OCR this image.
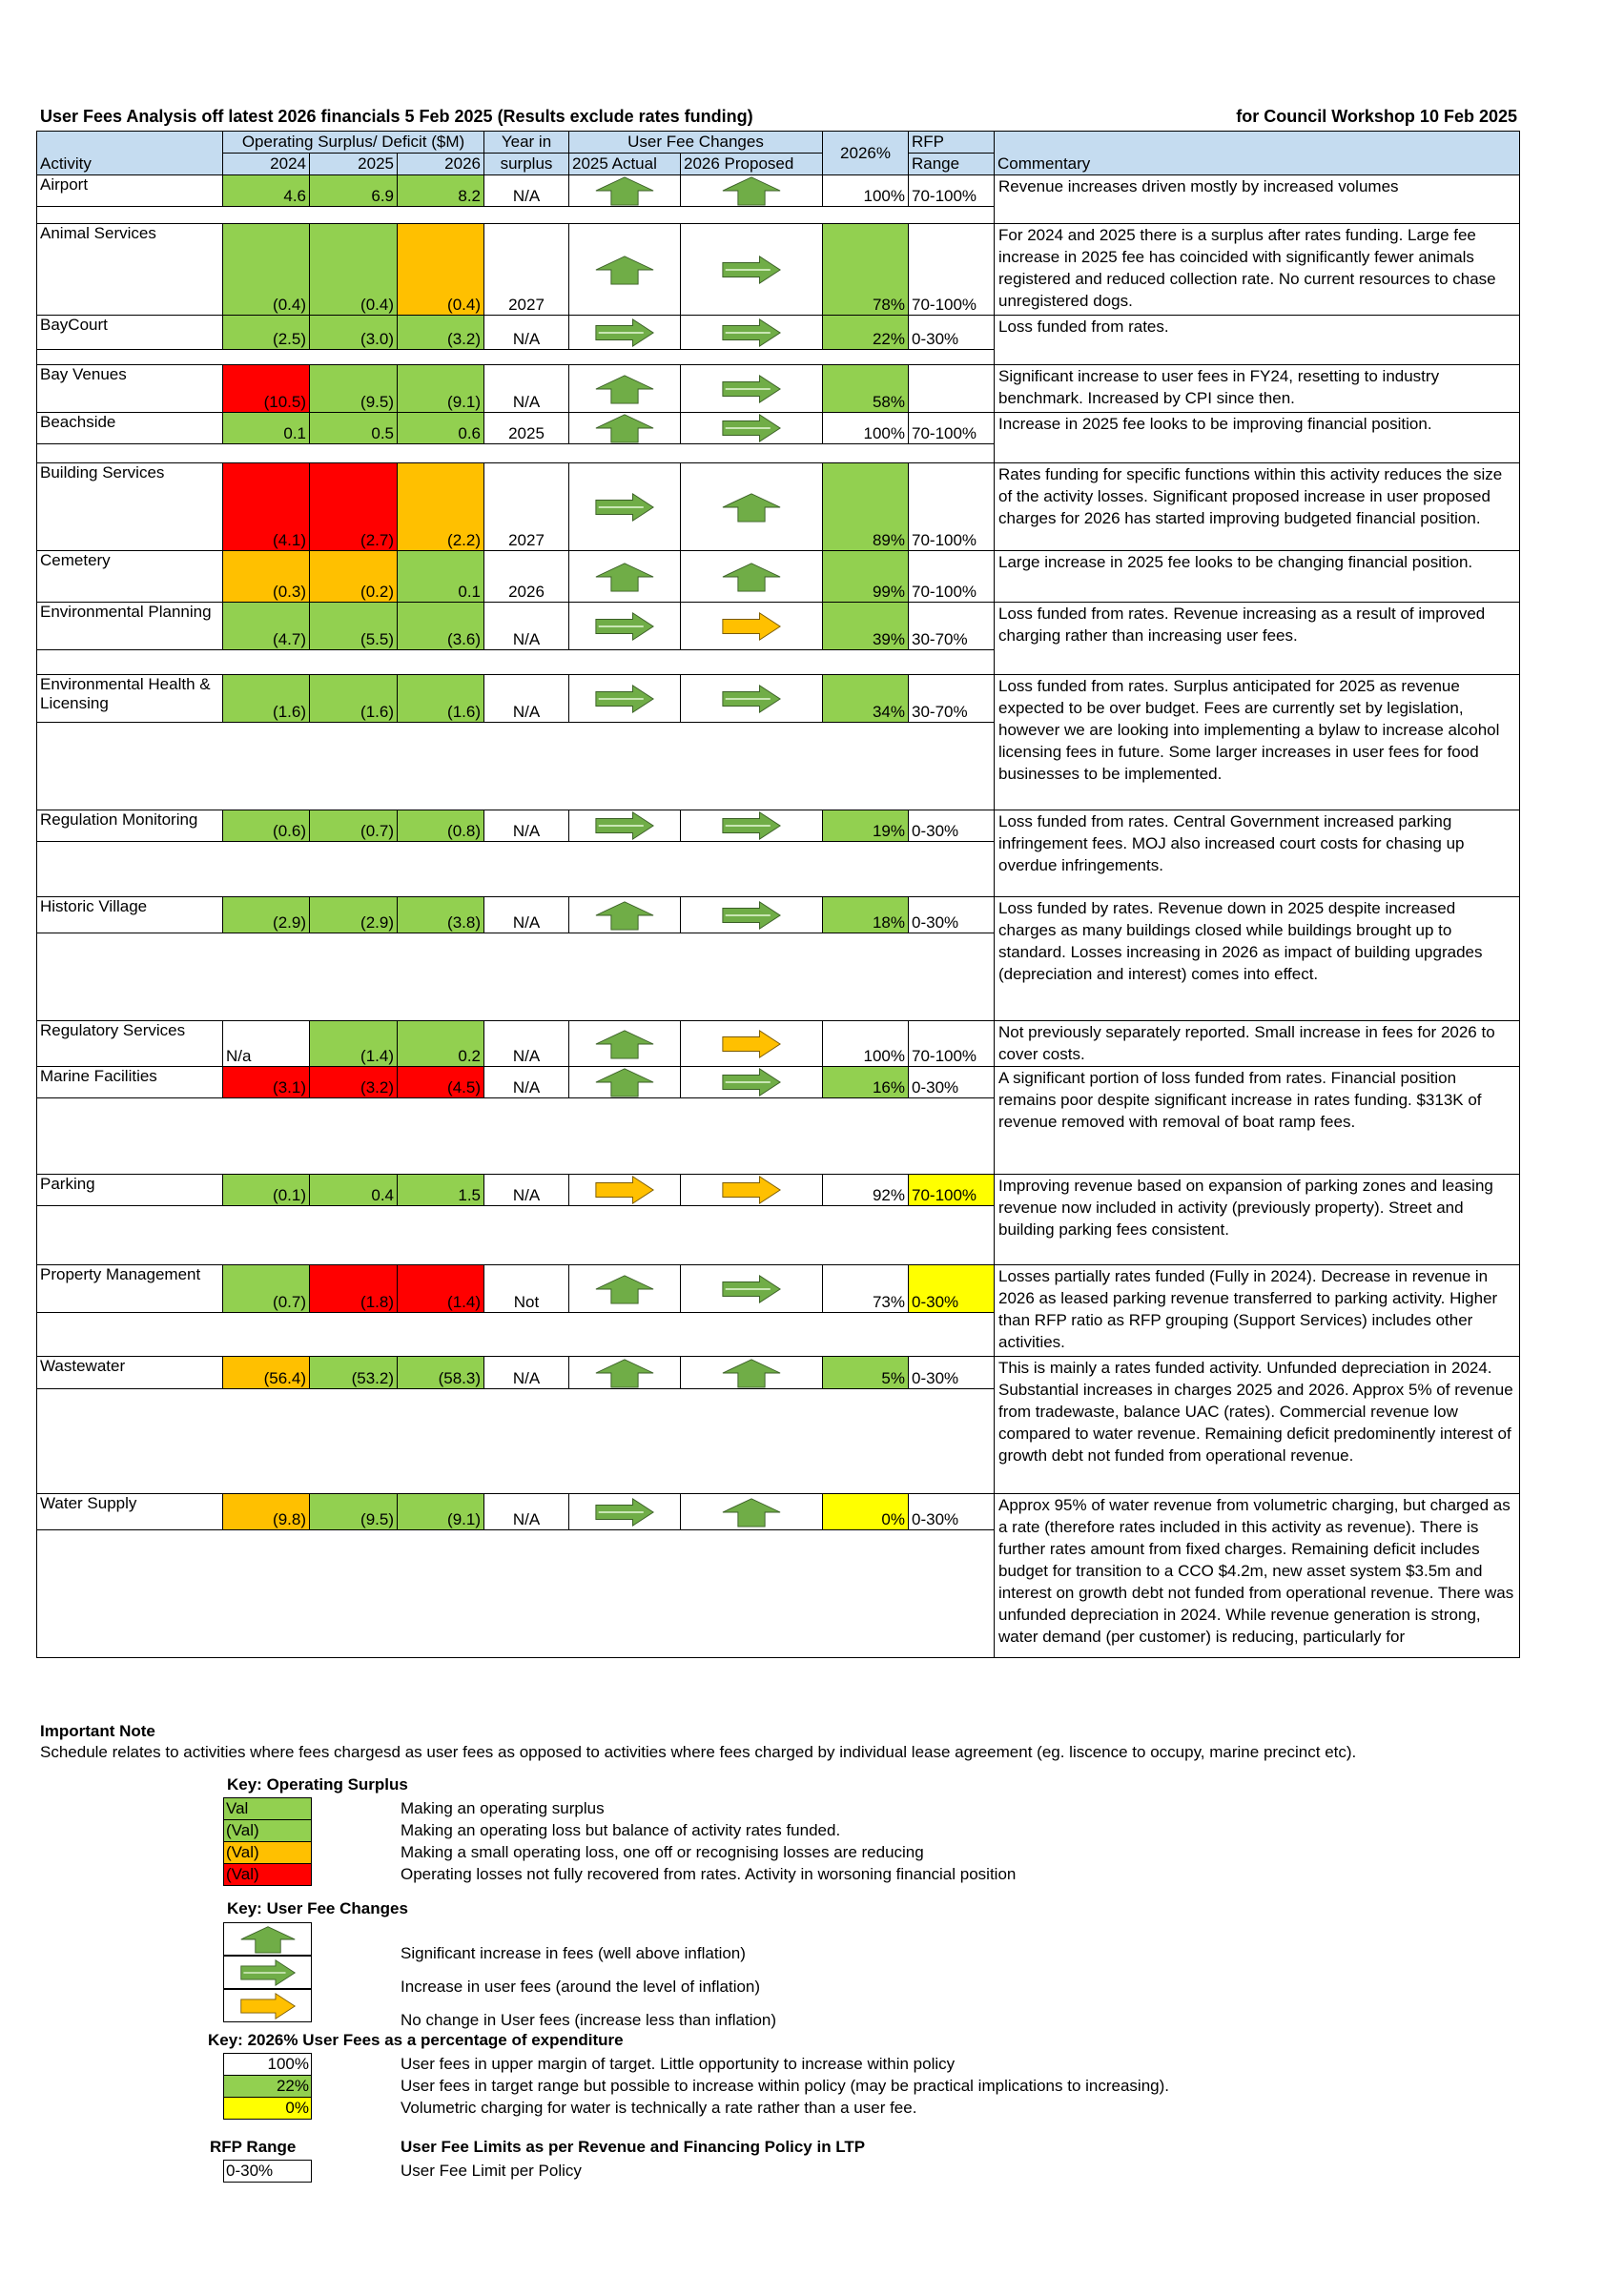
User Fees Analysis off latest 2026 financials 5 Feb 2025 (Results exclude rates funding)	for Council Workshop 10 Feb 2025
Activity	Operating Surplus/ Deficit ($M)			Year in	User Fee Changes		2026%	RFP	Commentary
	2024	2025	2026	surplus	2025 Actual	2026 Proposed		Range	
Airport	4.6	6.9	8.2	N/A			100%	70-100%	Revenue increases driven mostly by increased volumes

Animal Services	(0.4)	(0.4)	(0.4)	2027			78%	70-100%	For 2024 and 2025 there is a surplus after rates funding. Large fee increase in 2025 fee has coincided with significantly fewer animals registered and reduced collection rate. No current resources to chase unregistered dogs.
BayCourt	(2.5)	(3.0)	(3.2)	N/A			22%	0-30%	Loss funded from rates.

Bay Venues	(10.5)	(9.5)	(9.1)	N/A			58%		Significant increase to user fees in FY24, resetting to industry benchmark. Increased by CPI since then.
Beachside	0.1	0.5	0.6	2025			100%	70-100%	Increase in 2025 fee looks to be improving financial position.

Building Services	(4.1)	(2.7)	(2.2)	2027			89%	70-100%	Rates funding for specific functions within this activity reduces the size of the activity losses. Significant proposed increase in user proposed charges for 2026 has started improving budgeted financial position.
Cemetery	(0.3)	(0.2)	0.1	2026			99%	70-100%	Large increase in 2025 fee looks to be changing financial position.
Environmental Planning	(4.7)	(5.5)	(3.6)	N/A			39%	30-70%	Loss funded from rates. Revenue increasing as a result of improved charging rather than increasing user fees.

Environmental Health & Licensing	(1.6)	(1.6)	(1.6)	N/A			34%	30-70%	Loss funded from rates. Surplus anticipated for 2025 as revenue expected to be over budget. Fees are currently set by legislation, however we are looking into implementing a bylaw to increase alcohol licensing fees in future. Some larger increases in user fees for food businesses to be implemented.

Regulation Monitoring	(0.6)	(0.7)	(0.8)	N/A			19%	0-30%	Loss funded from rates. Central Government increased parking infringement fees. MOJ also increased court costs for chasing up overdue infringements.

Historic Village	(2.9)	(2.9)	(3.8)	N/A			18%	0-30%	Loss funded by rates. Revenue down in 2025 despite increased charges as many buildings closed while buildings brought up to standard. Losses increasing in 2026 as impact of building upgrades (depreciation and interest) comes into effect.

Regulatory Services	N/a	(1.4)	0.2	N/A			100%	70-100%	Not previously separately reported. Small increase in fees for 2026 to cover costs.
Marine Facilities	(3.1)	(3.2)	(4.5)	N/A			16%	0-30%	A significant portion of loss funded from rates. Financial position remains poor despite significant increase in rates funding. $313K of revenue removed with removal of boat ramp fees.

Parking	(0.1)	0.4	1.5	N/A			92%	70-100%	Improving revenue based on expansion of parking zones and leasing revenue now included in activity (previously property). Street and building parking fees consistent.

Property Management	(0.7)	(1.8)	(1.4)	Not			73%	0-30%	Losses partially rates funded (Fully in 2024). Decrease in revenue in 2026 as leased parking revenue transferred to parking activity. Higher than RFP ratio as RFP grouping (Support Services) includes other activities.

Wastewater	(56.4)	(53.2)	(58.3)	N/A			5%	0-30%	This is mainly a rates funded activity. Unfunded depreciation in 2024. Substantial increases in charges 2025 and 2026. Approx 5% of revenue from tradewaste, balance UAC (rates). Commercial revenue low compared to water revenue. Remaining deficit predominently interest of growth debt not funded from operational revenue.

Water Supply	(9.8)	(9.5)	(9.1)	N/A			0%	0-30%	Approx 95% of water revenue from volumetric charging, but charged as a rate (therefore rates included in this activity as revenue). There is further rates amount from fixed charges. Remaining deficit includes budget for transition to a CCO $4.2m, new asset system $3.5m and interest on growth debt not funded from operational revenue. There was unfunded depreciation in 2024. While revenue generation is strong, water demand (per customer) is reducing, particularly for

Important Note
Schedule relates to activities where fees chargesd as user fees as opposed to activities where fees charged by individual lease agreement (eg. liscence to occupy, marine precinct etc).
Key: Operating Surplus
Val	Making an operating surplus
(Val)	Making an operating loss but balance of activity rates funded.
(Val)	Making a small operating loss, one off or recognising losses are reducing
(Val)	Operating losses not fully recovered from rates. Activity in worsoning financial position
Key: User Fee Changes
Significant increase in fees (well above inflation)
Increase in user fees (around the level of inflation)
No change in User fees (increase less than inflation)
Key: 2026% User Fees as a percentage of expenditure
100%	User fees in upper margin of target. Little opportunity to increase within policy
22%	User fees in target range but possible to increase within policy (may be practical implications to increasing).
0%	Volumetric charging for water is technically a rate rather than a user fee.
RFP Range	User Fee Limits as per Revenue and Financing Policy in LTP
0-30%	User Fee Limit per Policy
